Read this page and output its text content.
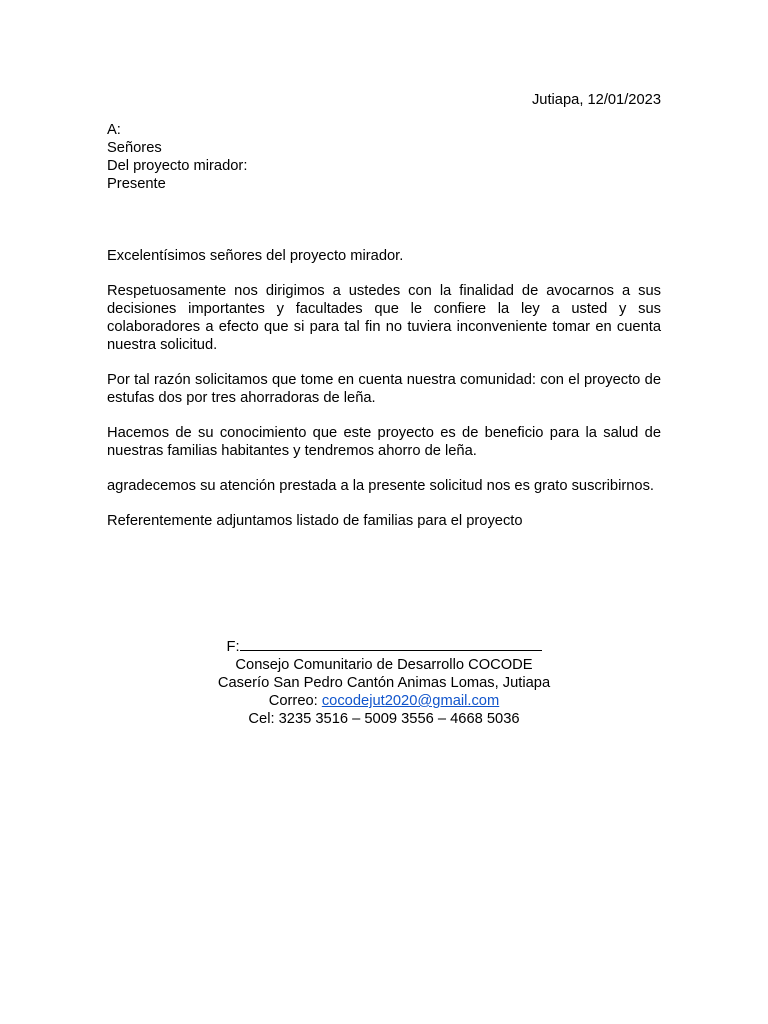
Jutiapa, 12/01/2023
A:
Señores
Del proyecto mirador:
Presente

Excelentísimos señores del proyecto mirador.

Respetuosamente nos dirigimos a ustedes con la finalidad de avocarnos a sus decisiones importantes y facultades que le confiere la ley a usted y sus colaboradores a efecto que si para tal fin no tuviera inconveniente tomar en cuenta nuestra solicitud.

Por tal razón solicitamos que tome en cuenta nuestra comunidad: con el proyecto de estufas dos por tres ahorradoras de leña.

Hacemos de su conocimiento que este proyecto es de beneficio para la salud de nuestras familias habitantes y tendremos ahorro de leña.

agradecemos su atención prestada a la presente solicitud nos es grato suscribirnos.

Referentemente adjuntamos listado de familias para el proyecto

F:
Consejo Comunitario de Desarrollo COCODE
Caserío San Pedro Cantón Animas Lomas, Jutiapa
Correo: cocodejut2020@gmail.com
Cel: 3235 3516 – 5009 3556 – 4668 5036
